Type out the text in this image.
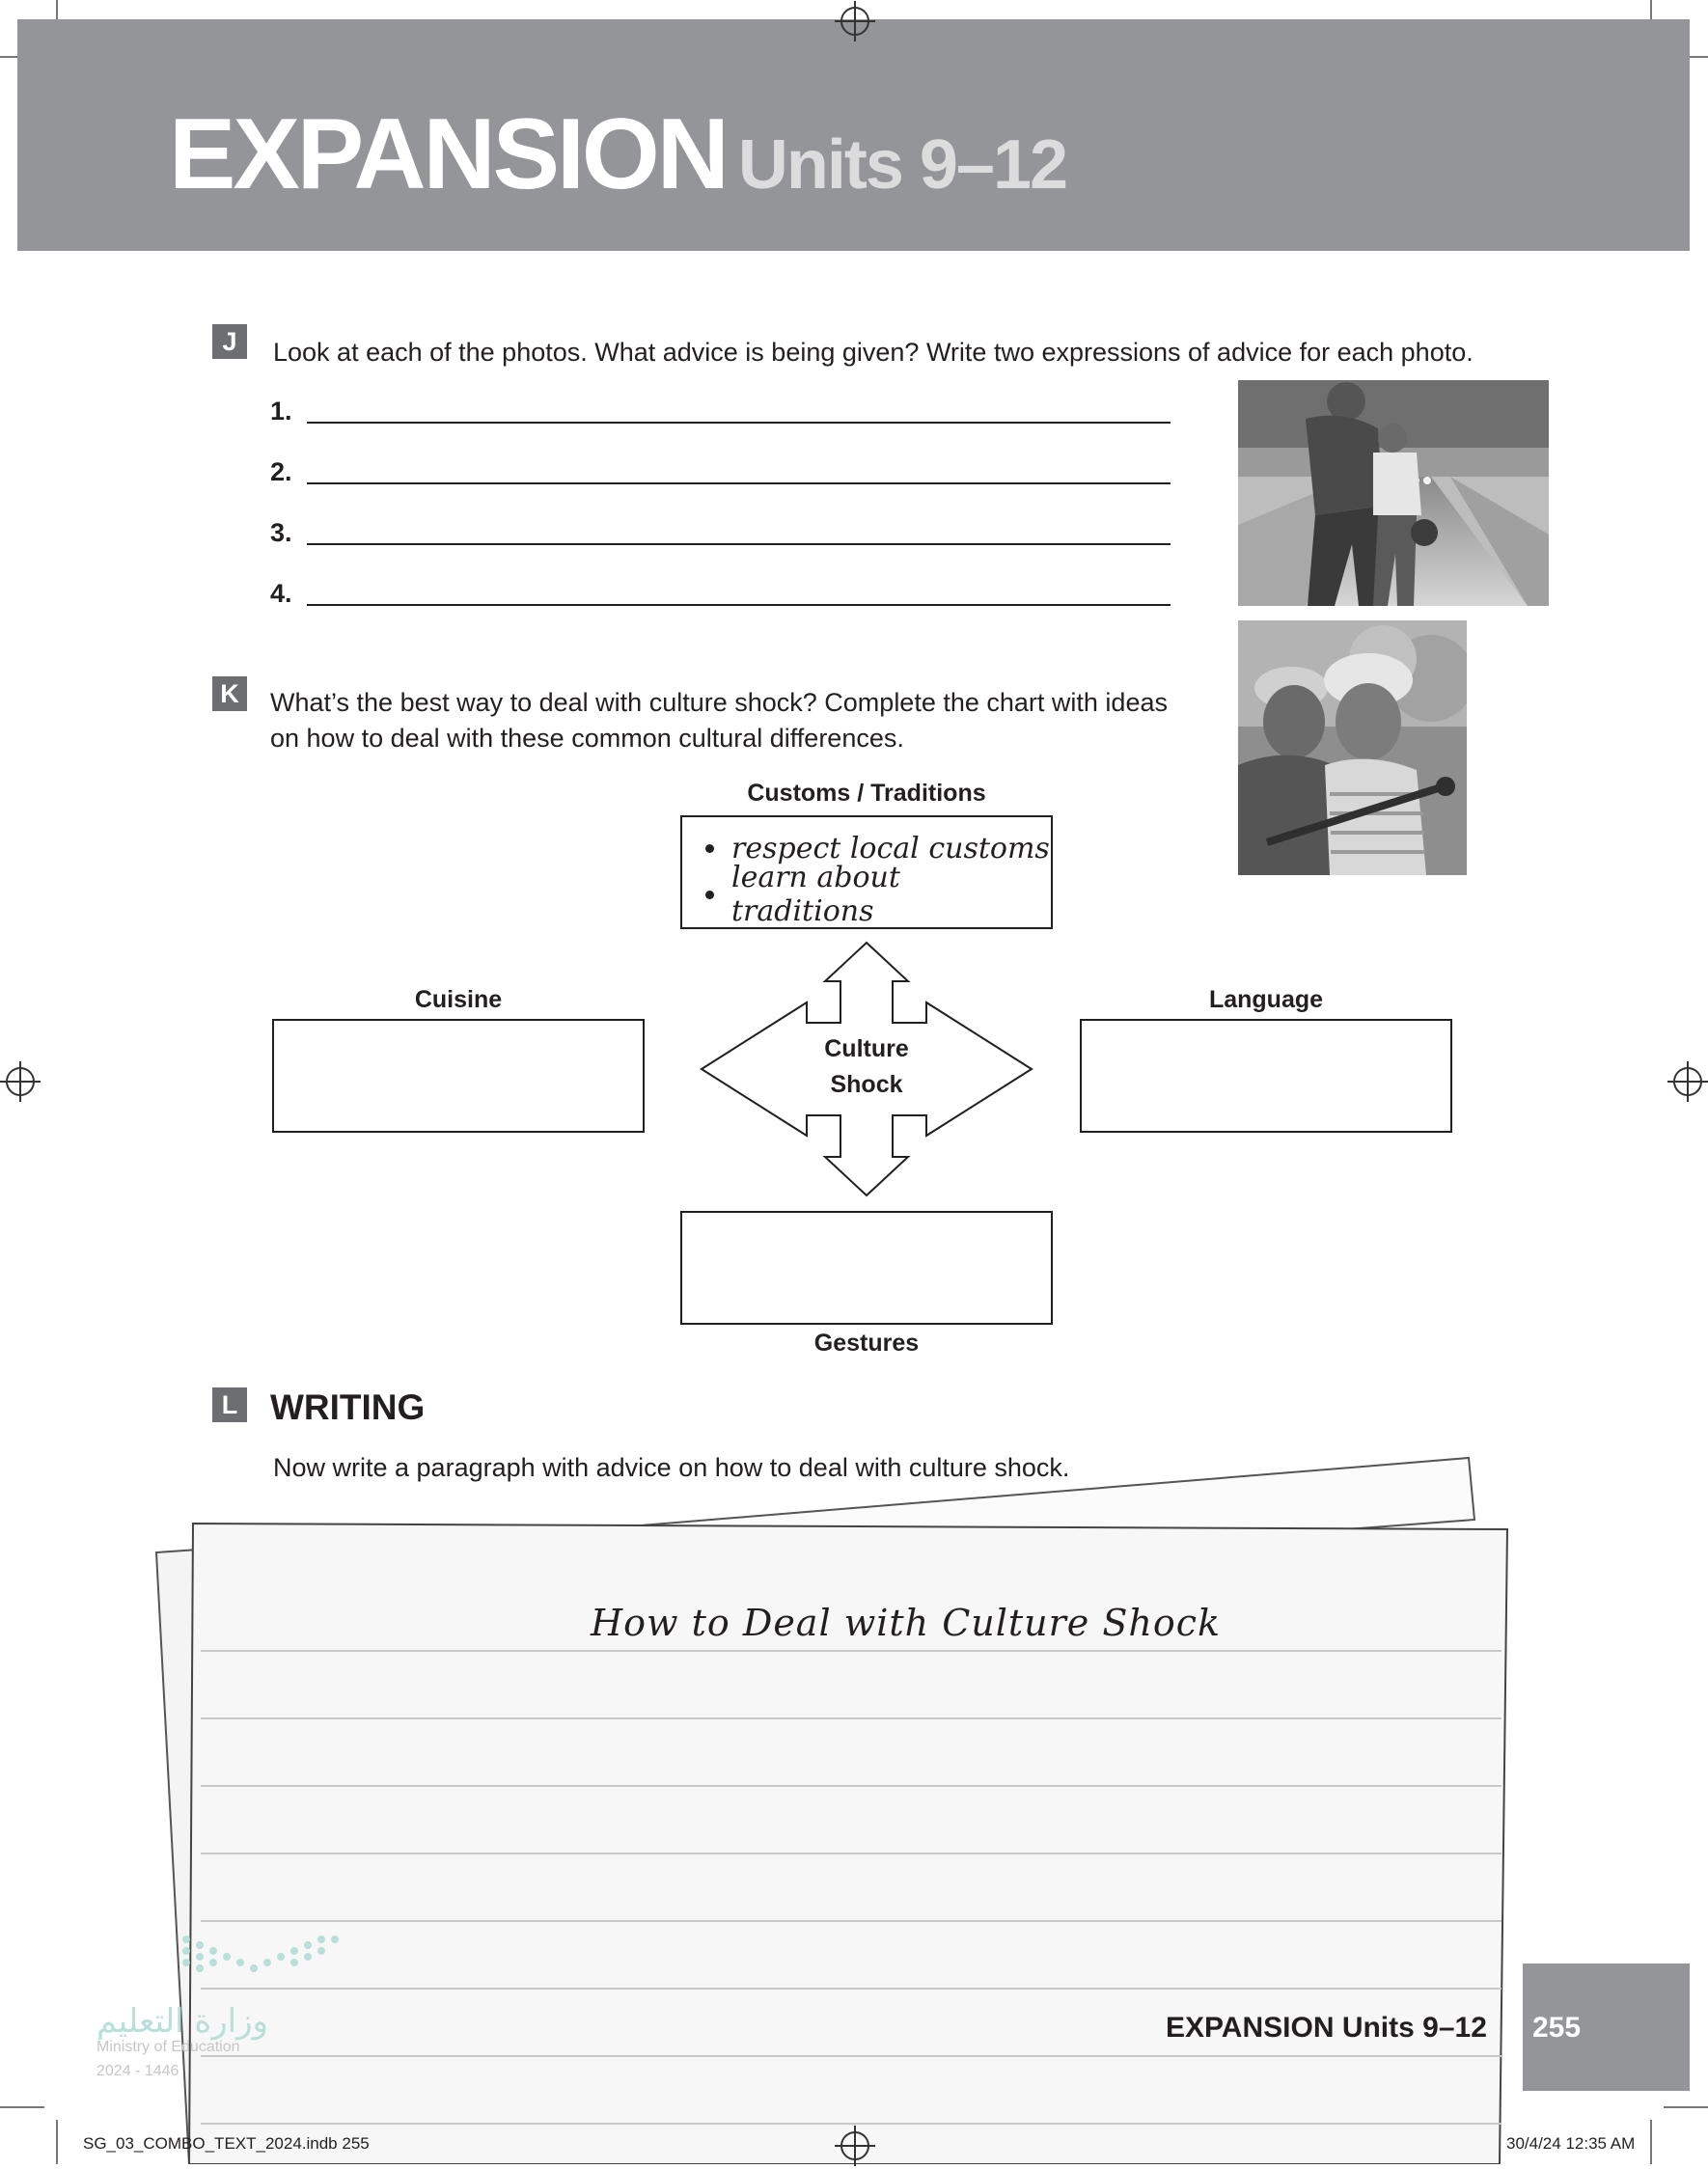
EXPANSION Units 9–12
J	Look at each of the photos. What advice is being given? Write two expressions of advice for each photo.
1.
2.
3.
4.
K	What’s the best way to deal with culture shock? Complete the chart with ideas
on how to deal with these common cultural differences.
Customs / Traditions
respect local customs
learn about traditions
Cuisine	Language
Gestures
Culture
Shock
L WRITING
Now write a paragraph with advice on how to deal with culture shock.
How to Deal with Culture Shock
وزارة التعليم
Ministry of Education
2024 - 1446
EXPANSION Units 9–12 255
SG_03_COMBO_TEXT_2024.indb 255	30/4/24 12:35 AM
